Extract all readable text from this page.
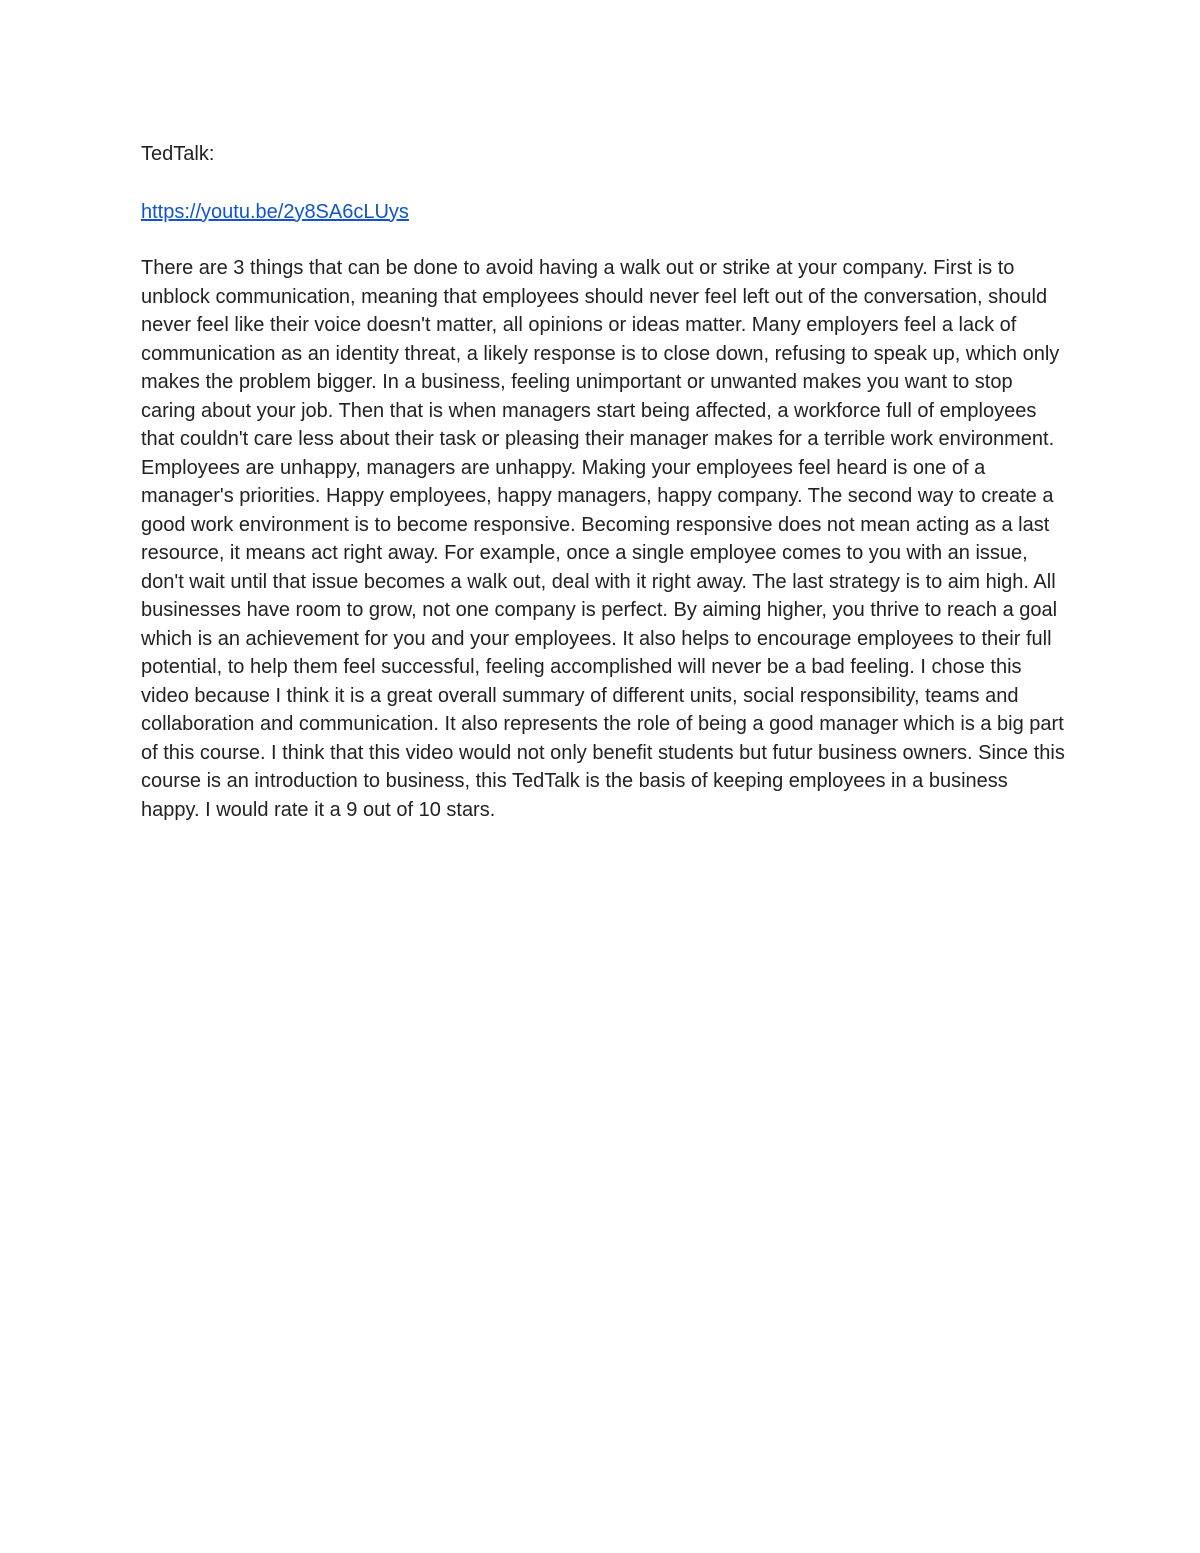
TedTalk:
https://youtu.be/2y8SA6cLUys

There are 3 things that can be done to avoid having a walk out or strike at your company. First is to unblock communication, meaning that employees should never feel left out of the conversation, should never feel like their voice doesn't matter, all opinions or ideas matter. Many employers feel a lack of communication as an identity threat, a likely response is to close down, refusing to speak up, which only makes the problem bigger. In a business, feeling unimportant or unwanted makes you want to stop caring about your job. Then that is when managers start being affected, a workforce full of employees that couldn't care less about their task or pleasing their manager makes for a terrible work environment. Employees are unhappy, managers are unhappy. Making your employees feel heard is one of a manager's priorities. Happy employees, happy managers, happy company. The second way to create a good work environment is to become responsive. Becoming responsive does not mean acting as a last resource, it means act right away. For example, once a single employee comes to you with an issue, don't wait until that issue becomes a walk out, deal with it right away. The last strategy is to aim high. All businesses have room to grow, not one company is perfect. By aiming higher, you thrive to reach a goal which is an achievement for you and your employees. It also helps to encourage employees to their full potential, to help them feel successful, feeling accomplished will never be a bad feeling. I chose this video because I think it is a great overall summary of different units, social responsibility, teams and collaboration and communication. It also represents the role of being a good manager which is a big part of this course. I think that this video would not only benefit students but futur business owners. Since this course is an introduction to business, this TedTalk is the basis of keeping employees in a business happy. I would rate it a 9 out of 10 stars.
